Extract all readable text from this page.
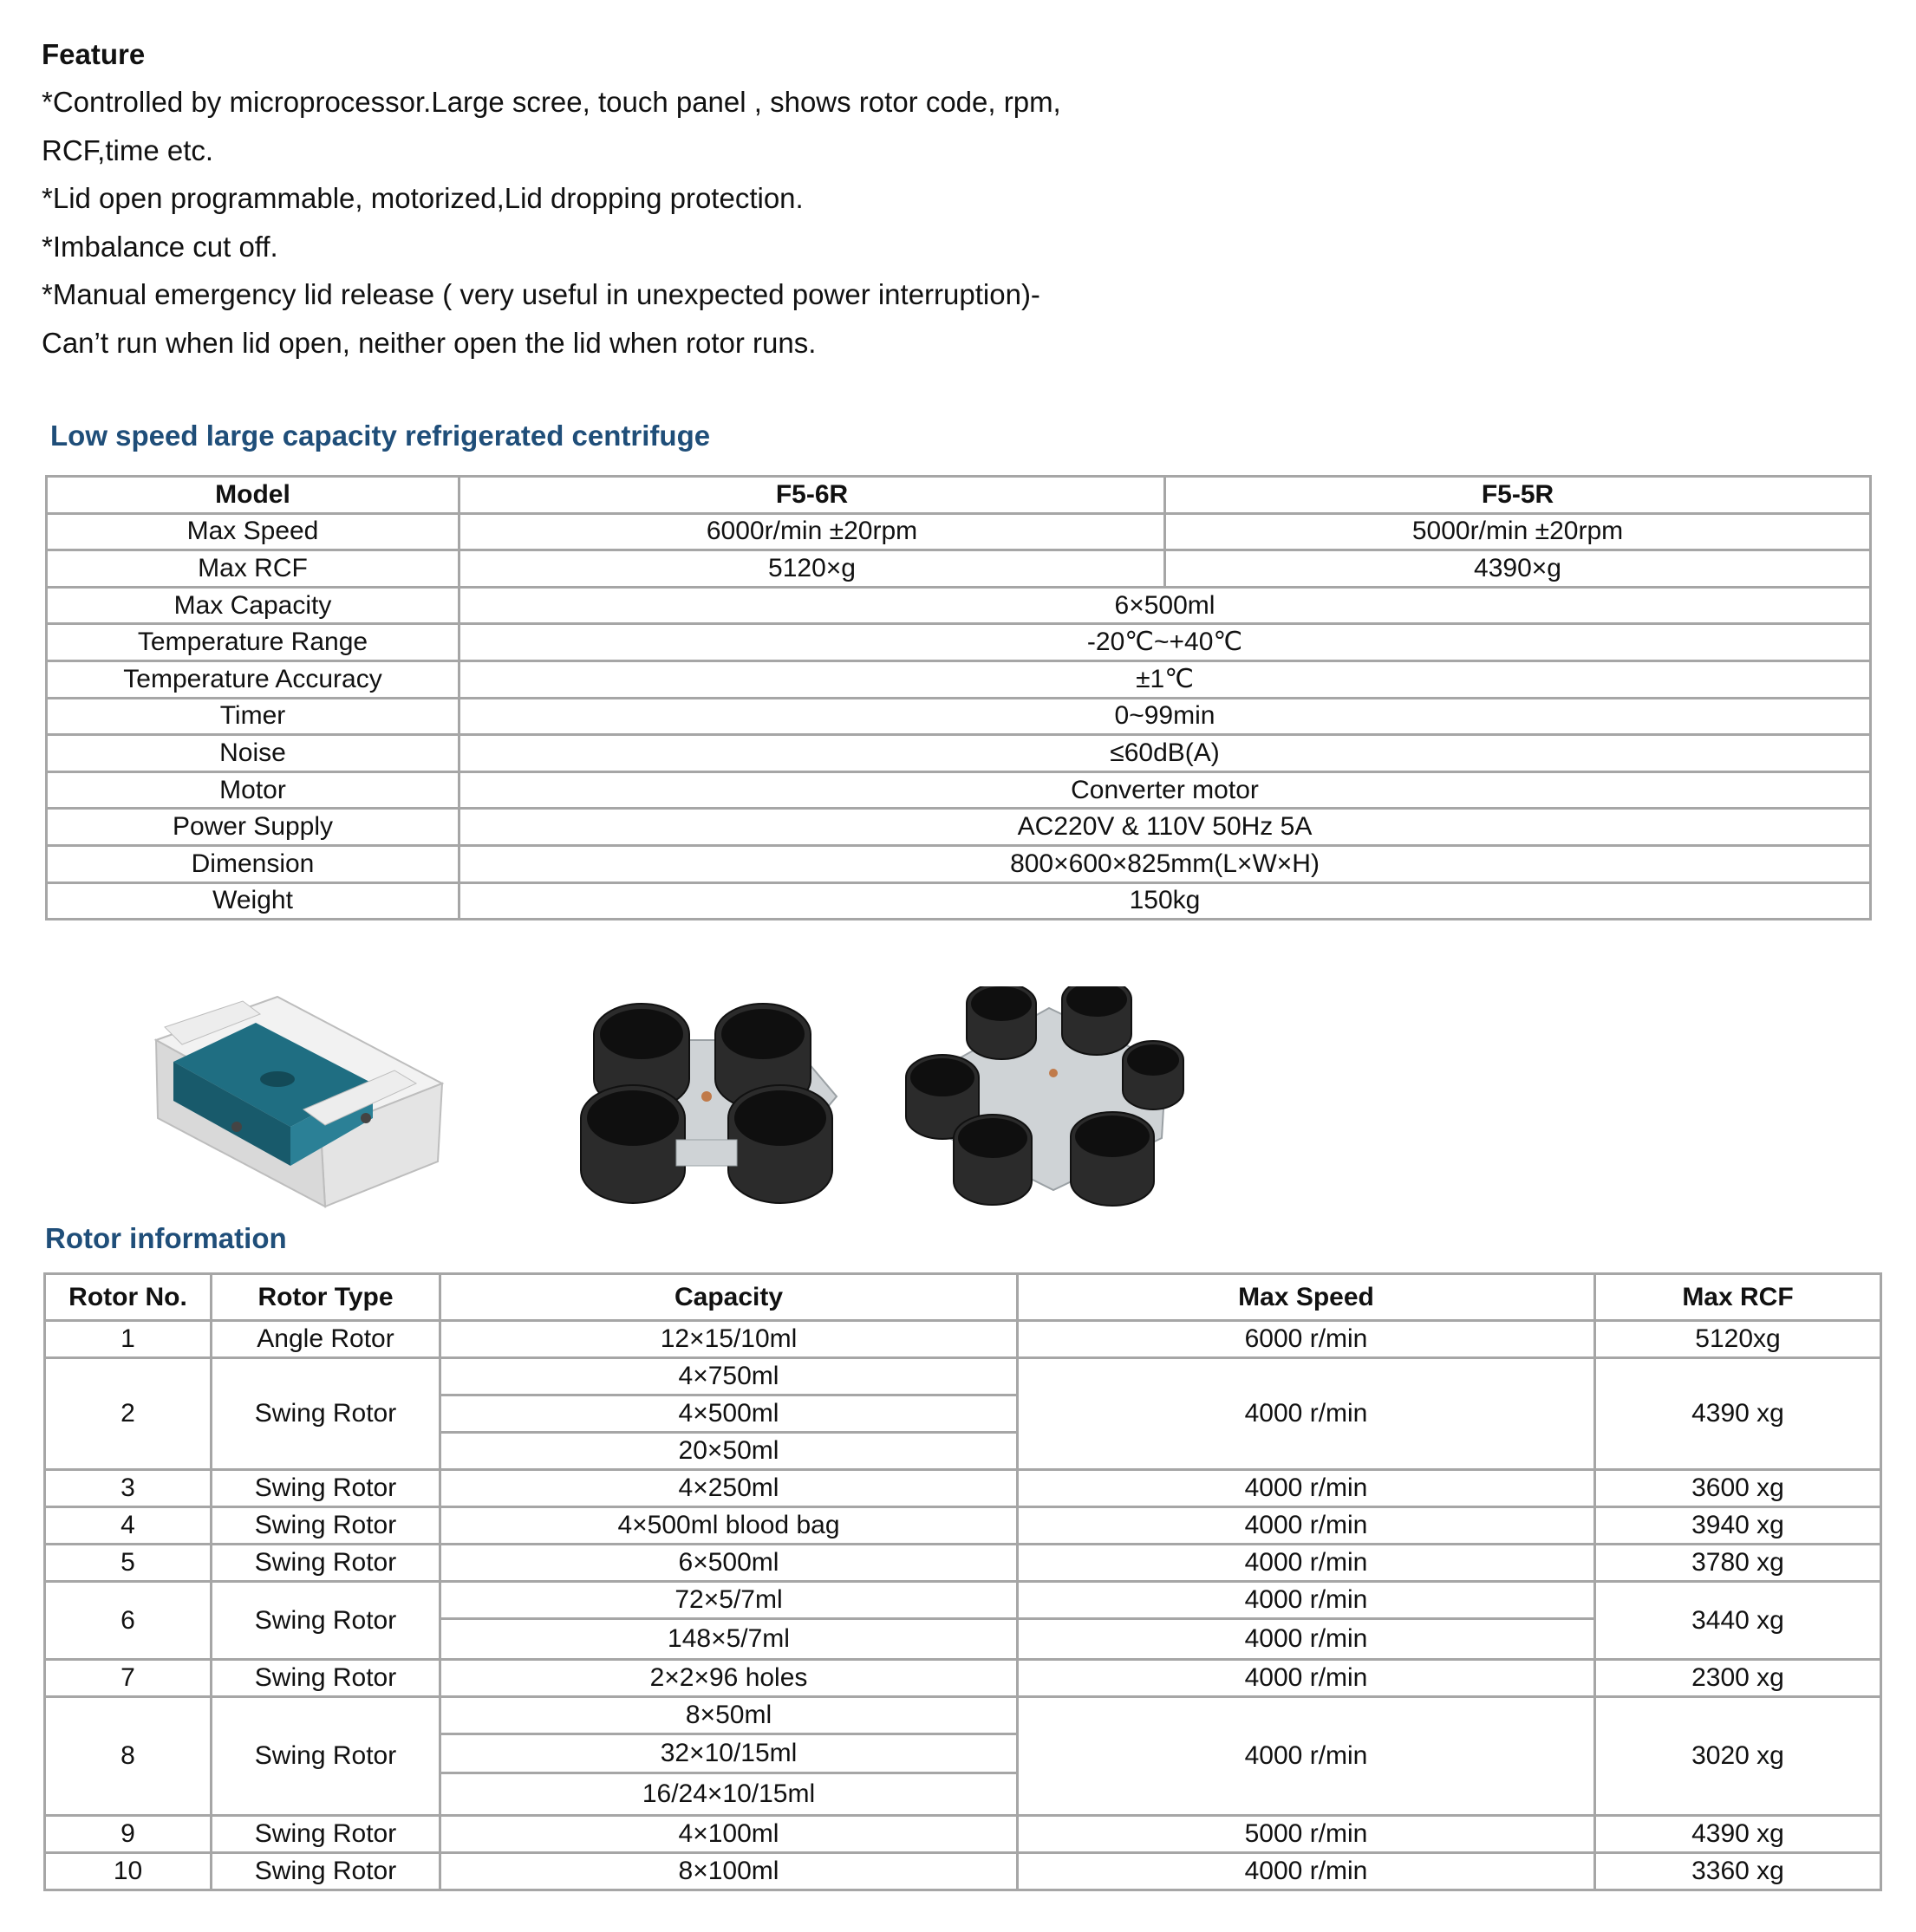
Feature
*Controlled by microprocessor.Large scree, touch panel , shows rotor code, rpm,
RCF,time etc.
*Lid open programmable, motorized,Lid dropping protection.
*Imbalance cut off.
*Manual emergency lid release ( very useful in unexpected power interruption)-
Can’t run when lid open, neither open the lid when rotor runs.
Low speed large capacity refrigerated centrifuge
Model	F5-6R	F5-5R
Max Speed	6000r/min ±20rpm	5000r/min ±20rpm
Max RCF	5120×g	4390×g
Max Capacity	6×500ml	
Temperature Range	-20℃~+40℃	
Temperature Accuracy	±1℃	
Timer	0~99min	
Noise	≤60dB(A)	
Motor	Converter motor	
Power Supply	AC220V & 110V 50Hz 5A	
Dimension	800×600×825mm(L×W×H)	
Weight	150kg	
Rotor information
Rotor No.	Rotor Type	Capacity	Max Speed	Max RCF
1	Angle Rotor	12×15/10ml	6000 r/min	5120xg
2	Swing Rotor	4×750ml	4000 r/min	4390 xg
		4×500ml		
		20×50ml		
3	Swing Rotor	4×250ml	4000 r/min	3600 xg
4	Swing Rotor	4×500ml blood bag	4000 r/min	3940 xg
5	Swing Rotor	6×500ml	4000 r/min	3780 xg
6	Swing Rotor	72×5/7ml	4000 r/min	3440 xg
		148×5/7ml	4000 r/min	
7	Swing Rotor	2×2×96 holes	4000 r/min	2300 xg
8	Swing Rotor	8×50ml	4000 r/min	3020 xg
		32×10/15ml		
		16/24×10/15ml		
9	Swing Rotor	4×100ml	5000 r/min	4390 xg
10	Swing Rotor	8×100ml	4000 r/min	3360 xg
